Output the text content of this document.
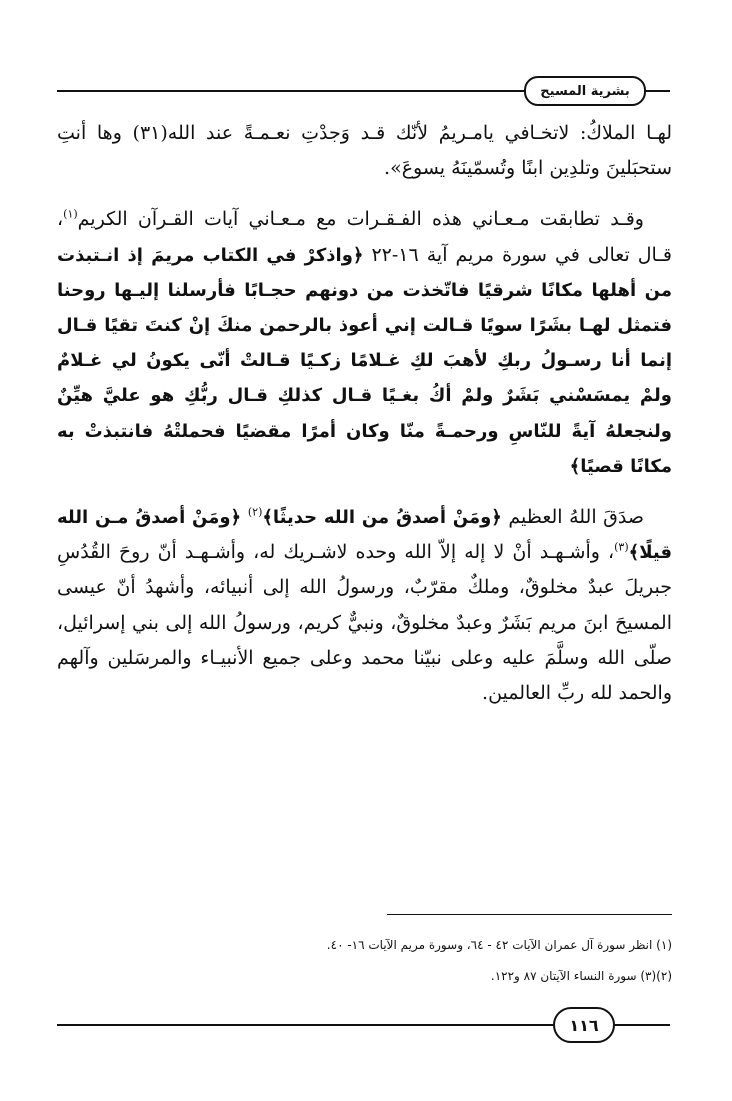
بشرية المسيح

لهـا الملاكُ: لاتخـافي يامـريمُ لأنّك قـد وَجدْتِ نعـمـةً عند الله(٣١) وها أنتِ ستحبَلينَ وتلدِين ابنًا وتُسمّينَهُ يسوعَ».

وقـد تطابقت مـعـاني هذه الفـقـرات مع مـعـاني آيات القـرآن الكريم$^{(١)}$، قـال تعالى في سورة مريم آية ١٦-٢٢ ﴿واذكرْ في الكتاب مريمَ إذ انـتبذت من أهلها مكانًا شرقيًا فاتّخذت من دونهم حجـابًا فأرسلنا إليـها روحنا فتمثل لهـا بشَرًا سويًا قـالت إني أعوذ بالرحمن منكَ إنْ كنتَ تقيًا قـال إنما أنا رسـولُ ربكِ لأهبَ لكِ غـلامًا زكـيًا قـالتْ أنّى يكونُ لي غـلامٌ ولمْ يمسَسْني بَشَرٌ ولمْ أكُ بغـيًا قـال كذلكِ قـال ربُّكِ هو عليَّ هيِّنٌ ولنجعلهُ آيةً للنّاسِ ورحمـةً منّا وكان أمرًا مقضيًا فحملتْهُ فانتبذتْ به مكانًا قصيًا﴾

صدَقَ اللهُ العظيم ﴿ومَنْ أصدقُ من الله حديثًا﴾$^{(٢)}$ ﴿ومَنْ أصدقُ مـن الله قيلًا﴾$^{(٣)}$، وأشـهـد أنْ لا إله إلاّ الله وحده لاشـريك له، وأشـهـد أنّ روحَ القُدُسِ جبريلَ عبدٌ مخلوقٌ، وملكٌ مقرّبٌ، ورسولُ الله إلى أنبيائه، وأشهدُ أنّ عيسى المسيحَ ابنَ مريم بَشَرٌ وعبدٌ مخلوقٌ، ونبيٌّ كريم، ورسولُ الله إلى بني إسرائيل، صلّى الله وسلَّمَ عليه وعلى نبيّنا محمد وعلى جميع الأنبيـاء والمرسَلين وآلهم والحمد لله ربِّ العالمين.

(١) انظر سورة آل عمران الآيات ٤٢ - ٦٤، وسورة مريم الآيات ١٦- ٤٠.

(٢)(٣) سورة النساء الآيتان ٨٧ و١٢٢.

١١٦
